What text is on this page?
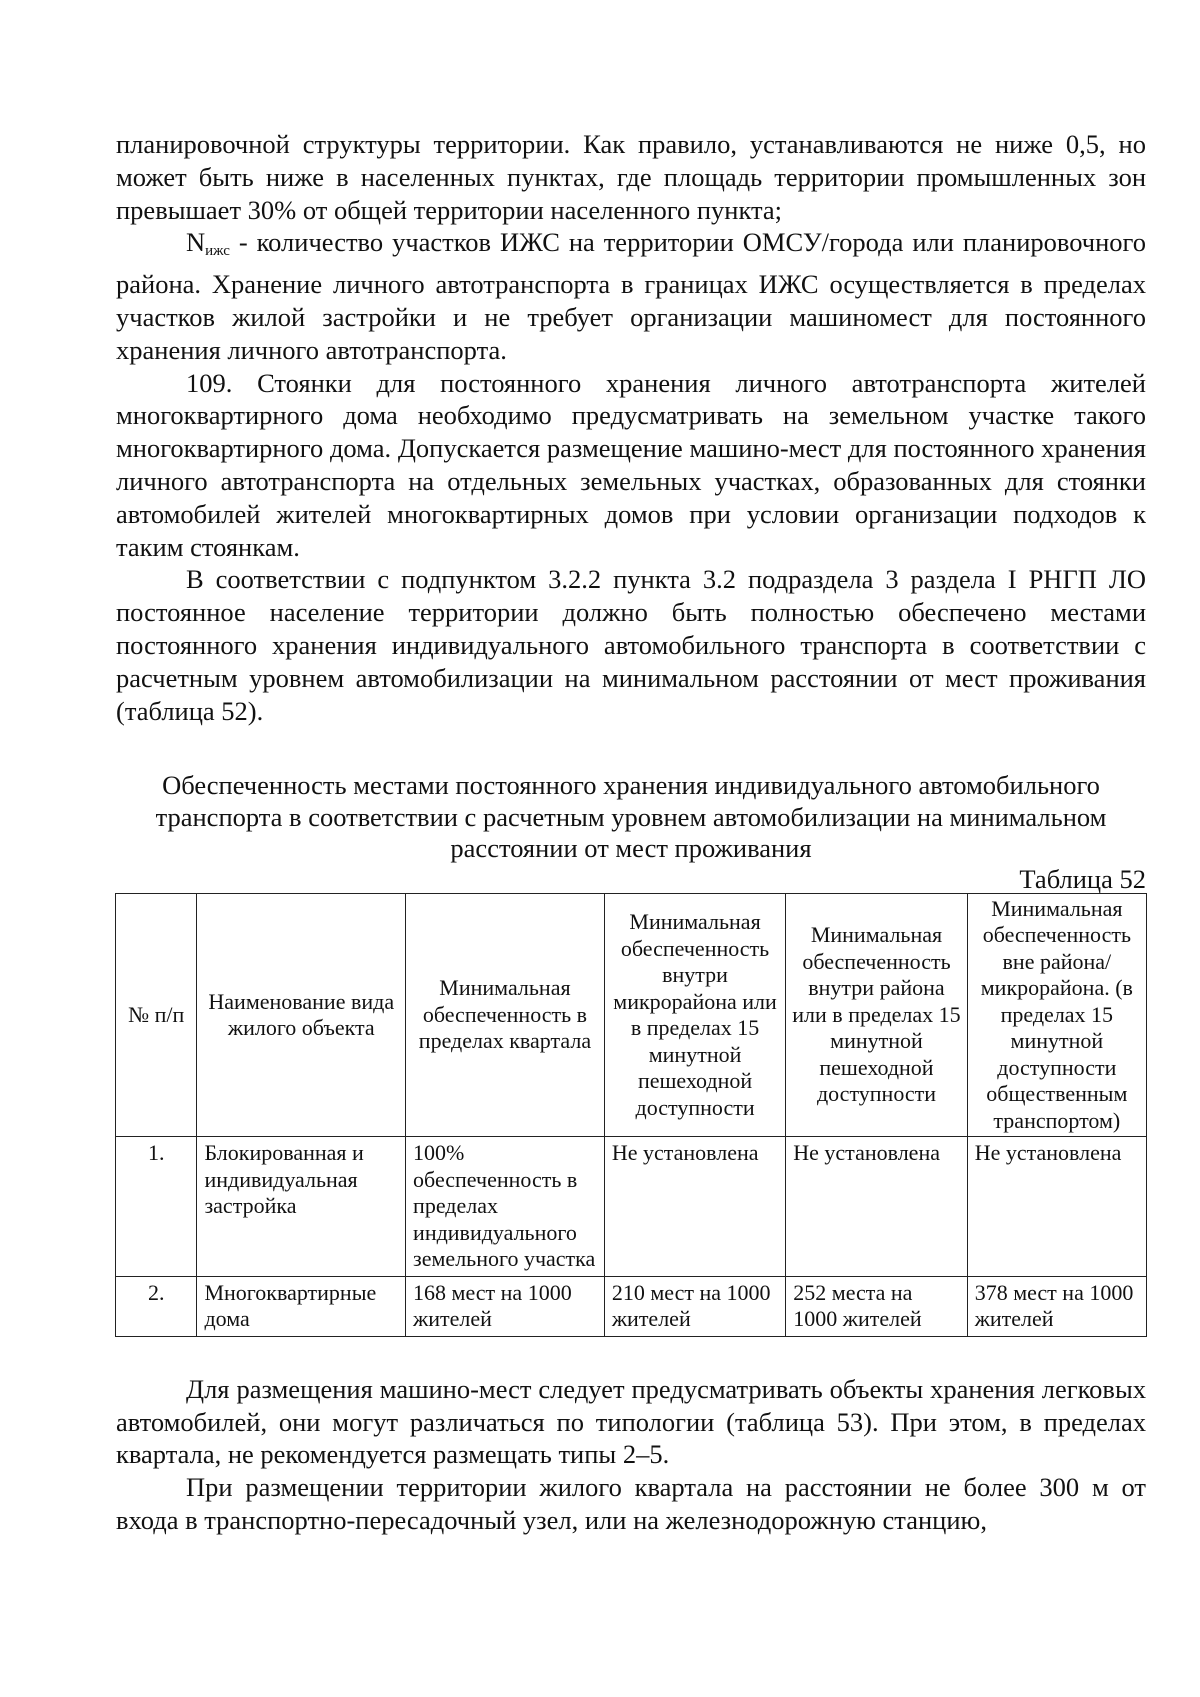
планировочной структуры территории. Как правило, устанавливаются не ниже 0,5, но может быть ниже в населенных пунктах, где площадь территории промышленных зон превышает 30% от общей территории населенного пункта;

$N_{ижс}$ - количество участков ИЖС на территории ОМСУ/города или планировочного района. Хранение личного автотранспорта в границах ИЖС осуществляется в пределах участков жилой застройки и не требует организации машиномест для постоянного хранения личного автотранспорта.

109. Стоянки для постоянного хранения личного автотранспорта жителей многоквартирного дома необходимо предусматривать на земельном участке такого многоквартирного дома. Допускается размещение машино-мест для постоянного хранения личного автотранспорта на отдельных земельных участках, образованных для стоянки автомобилей жителей многоквартирных домов при условии организации подходов к таким стоянкам.

В соответствии с подпунктом 3.2.2 пункта 3.2 подраздела 3 раздела I РНГП ЛО постоянное население территории должно быть полностью обеспечено местами постоянного хранения индивидуального автомобильного транспорта в соответствии с расчетным уровнем автомобилизации на минимальном расстоянии от мест проживания (таблица 52).

Обеспеченность местами постоянного хранения индивидуального автомобильного транспорта в соответствии с расчетным уровнем автомобилизации на минимальном расстоянии от мест проживания
Таблица 52
№ п/п	Наименование вида жилого объекта	Минимальная обеспеченность в пределах квартала	Минимальная обеспеченность внутри микрорайона или в пределах 15 минутной пешеходной доступности	Минимальная обеспеченность внутри района или в пределах 15 минутной пешеходной доступности	Минимальная обеспеченность вне района/ микрорайона. (в пределах 15 минутной доступности общественным транспортом)
1.	Блокированная и индивидуальная застройка	100% обеспеченность в пределах индивидуального земельного участка	Не установлена	Не установлена	Не установлена
2.	Многоквартирные дома	168 мест на 1000 жителей	210 мест на 1000 жителей	252 места на 1000 жителей	378 мест на 1000 жителей

Для размещения машино-мест следует предусматривать объекты хранения легковых автомобилей, они могут различаться по типологии (таблица 53). При этом, в пределах квартала, не рекомендуется размещать типы 2–5.

При размещении территории жилого квартала на расстоянии не более 300 м от входа в транспортно-пересадочный узел, или на железнодорожную станцию,
